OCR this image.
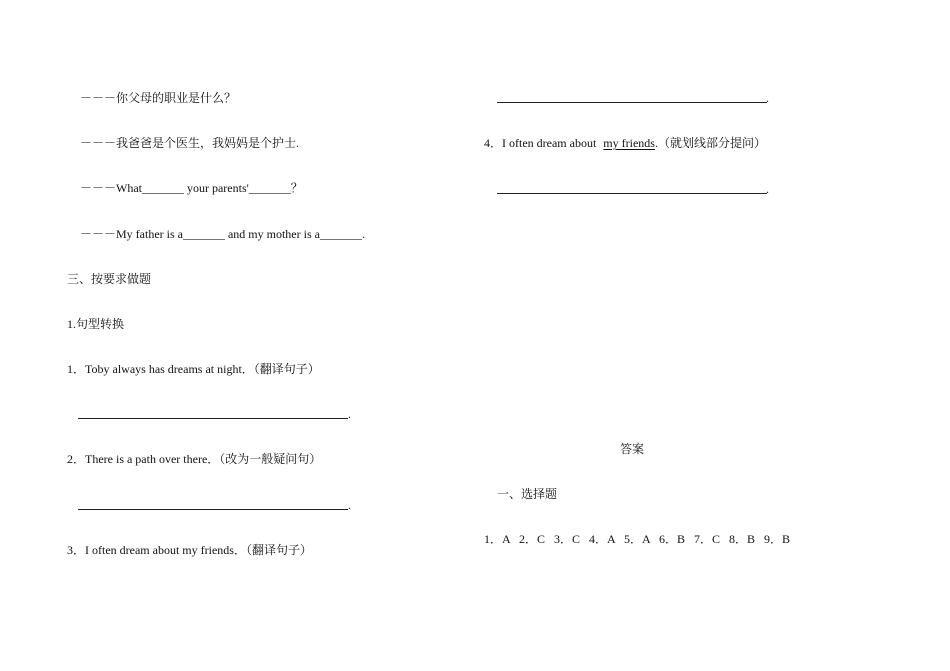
－－－你父母的职业是什么？
－－－我爸爸是个医生，我妈妈是个护士.
－－－What_______ your parents'_______？
－－－My father is a_______ and my mother is a_______.
三、按要求做题
1.句型转换
1．Toby always has dreams at night．（翻译句子）
.
2．There is a path over there．（改为一般疑问句）
.
3．I often dream about my friends．（翻译句子）
.
4．I often dream about my friends.（就划线部分提问）
.
答案
一、选择题
1．A   2．C   3．C   4．A   5．A   6．B   7．C   8．B   9．B
